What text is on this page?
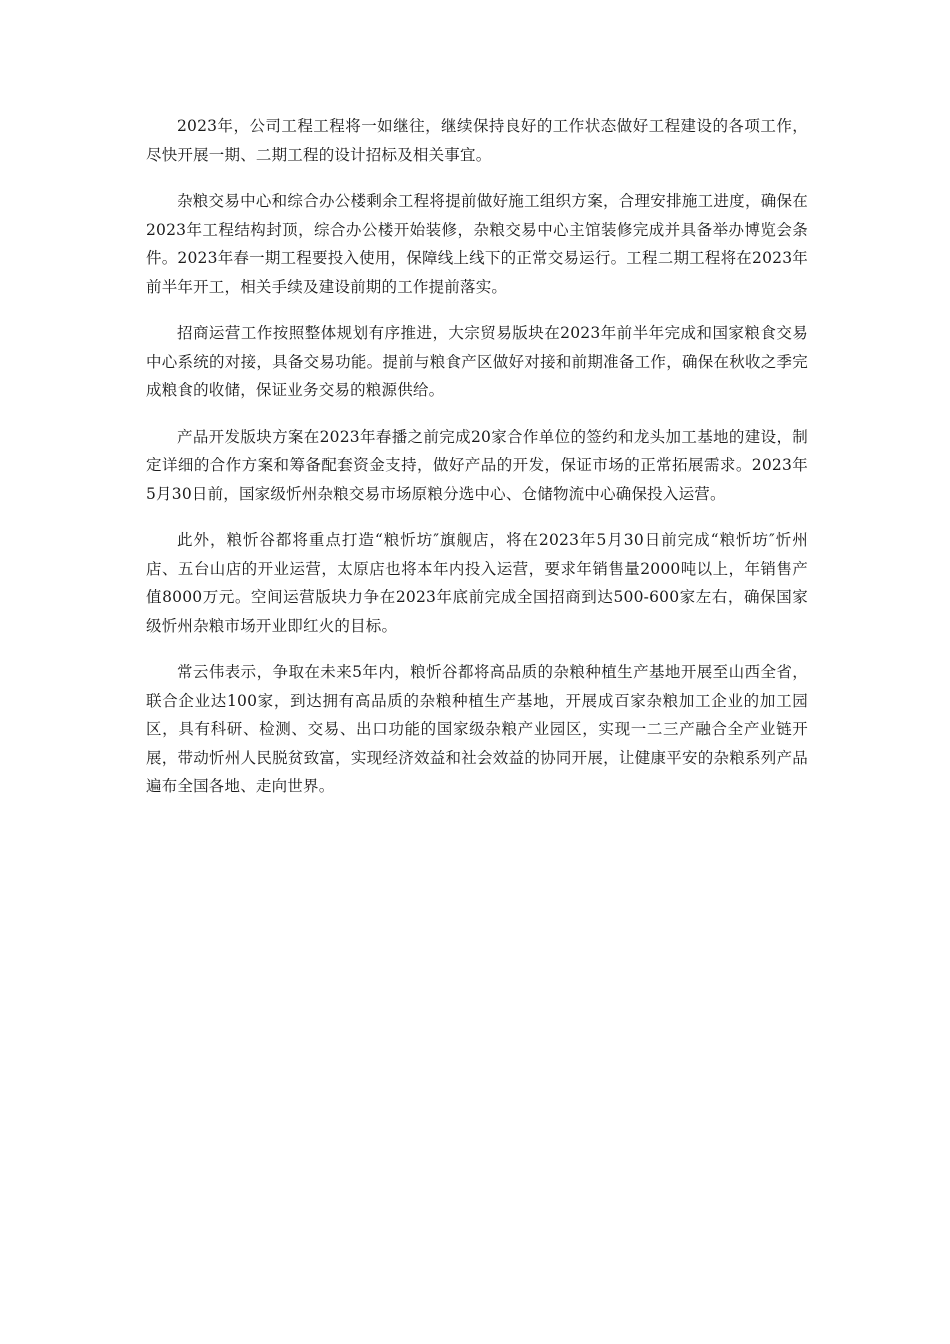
2023年，公司工程工程将一如继往，继续保持良好的工作状态做好工程建设的各项工作，尽快开展一期、二期工程的设计招标及相关事宜。

杂粮交易中心和综合办公楼剩余工程将提前做好施工组织方案，合理安排施工进度，确保在2023年工程结构封顶，综合办公楼开始装修，杂粮交易中心主馆装修完成并具备举办博览会条件。2023年春一期工程要投入使用，保障线上线下的正常交易运行。工程二期工程将在2023年前半年开工，相关手续及建设前期的工作提前落实。

招商运营工作按照整体规划有序推进，大宗贸易版块在2023年前半年完成和国家粮食交易中心系统的对接，具备交易功能。提前与粮食产区做好对接和前期准备工作，确保在秋收之季完成粮食的收储，保证业务交易的粮源供给。

产品开发版块方案在2023年春播之前完成20家合作单位的签约和龙头加工基地的建设，制定详细的合作方案和筹备配套资金支持，做好产品的开发，保证市场的正常拓展需求。2023年5月30日前，国家级忻州杂粮交易市场原粮分选中心、仓储物流中心确保投入运营。

此外，粮忻谷都将重点打造“粮忻坊″旗舰店，将在2023年5月30日前完成“粮忻坊″忻州店、五台山店的开业运营，太原店也将本年内投入运营，要求年销售量2000吨以上，年销售产值8000万元。空间运营版块力争在2023年底前完成全国招商到达500-600家左右，确保国家级忻州杂粮市场开业即红火的目标。

常云伟表示，争取在未来5年内，粮忻谷都将高品质的杂粮种植生产基地开展至山西全省，联合企业达100家，到达拥有高品质的杂粮种植生产基地，开展成百家杂粮加工企业的加工园区，具有科研、检测、交易、出口功能的国家级杂粮产业园区，实现一二三产融合全产业链开展，带动忻州人民脱贫致富，实现经济效益和社会效益的协同开展，让健康平安的杂粮系列产品遍布全国各地、走向世界。
